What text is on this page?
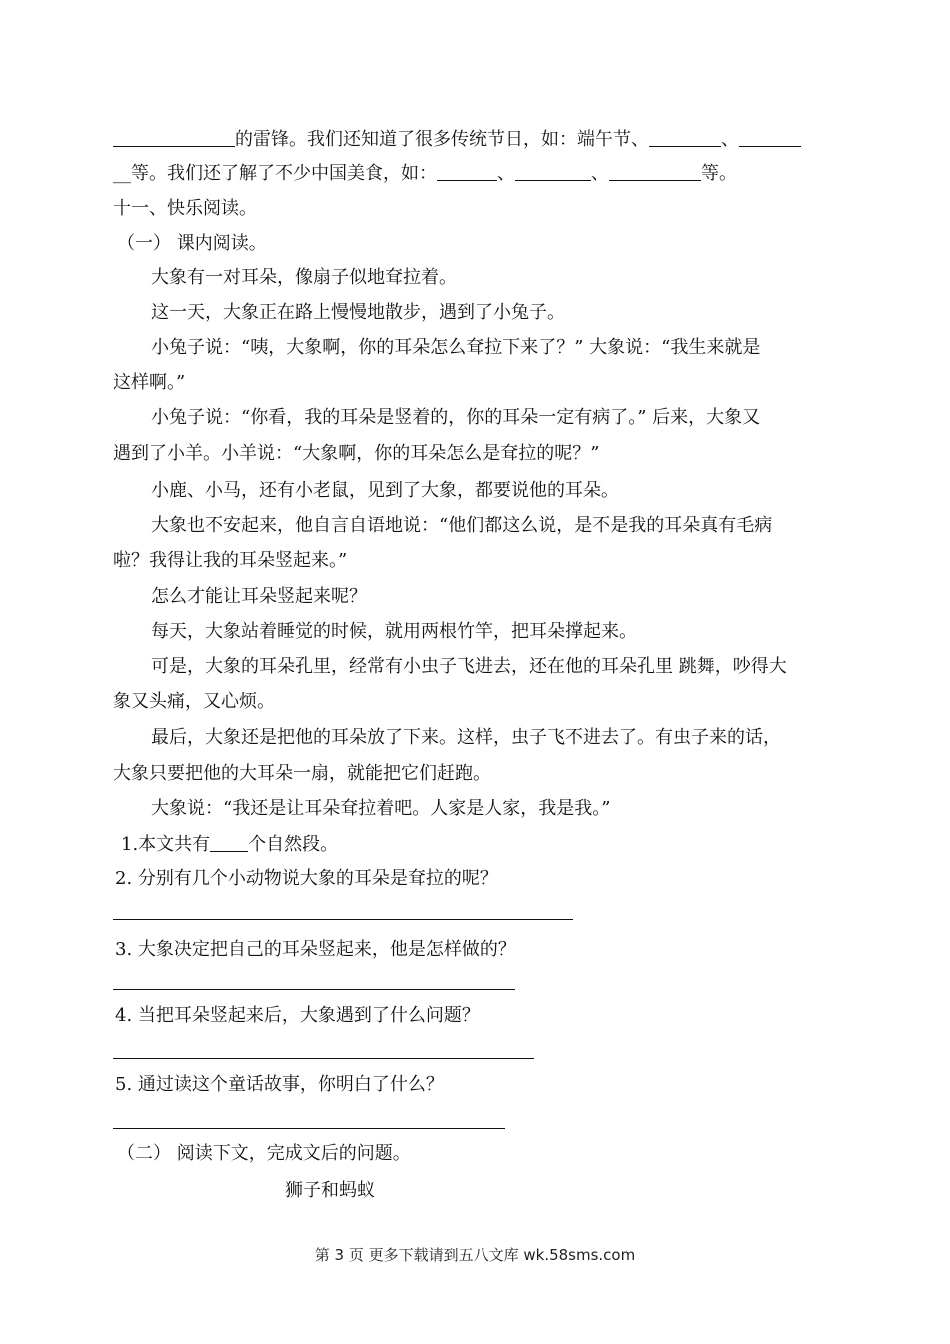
的雷锋。我们还知道了很多传统节日，如：端午节、	、
__等。我们还了解了不少中国美食，如：	、	、	等。
十一、快乐阅读。
（一） 课内阅读。
大象有一对耳朵，像扇子似地耷拉着。
这一天，大象正在路上慢慢地散步，遇到了小兔子。
小兔子说：“咦，大象啊，你的耳朵怎么耷拉下来了？” 大象说：“我生来就是
这样啊。”
小兔子说：“你看，我的耳朵是竖着的，你的耳朵一定有病了。” 后来，大象又
遇到了小羊。小羊说：“大象啊，你的耳朵怎么是耷拉的呢？”
小鹿、小马，还有小老鼠，见到了大象，都要说他的耳朵。
大象也不安起来，他自言自语地说：“他们都这么说，是不是我的耳朵真有毛病
啦？我得让我的耳朵竖起来。”
怎么才能让耳朵竖起来呢？
每天，大象站着睡觉的时候，就用两根竹竿，把耳朵撑起来。
可是，大象的耳朵孔里，经常有小虫子飞进去，还在他的耳朵孔里 跳舞，吵得大
象又头痛，又心烦。
最后，大象还是把他的耳朵放了下来。这样，虫子飞不进去了。有虫子来的话，
大象只要把他的大耳朵一扇，就能把它们赶跑。
大象说：“我还是让耳朵耷拉着吧。人家是人家，我是我。”
1.本文共有 个自然段。
2. 分别有几个小动物说大象的耳朵是耷拉的呢？
3. 大象决定把自己的耳朵竖起来，他是怎样做的？
4. 当把耳朵竖起来后，大象遇到了什么问题？
5. 通过读这个童话故事，你明白了什么？
（二） 阅读下文，完成文后的问题。
狮子和蚂蚁
第 3 页 更多下载请到五八文库 wk.58sms.com
